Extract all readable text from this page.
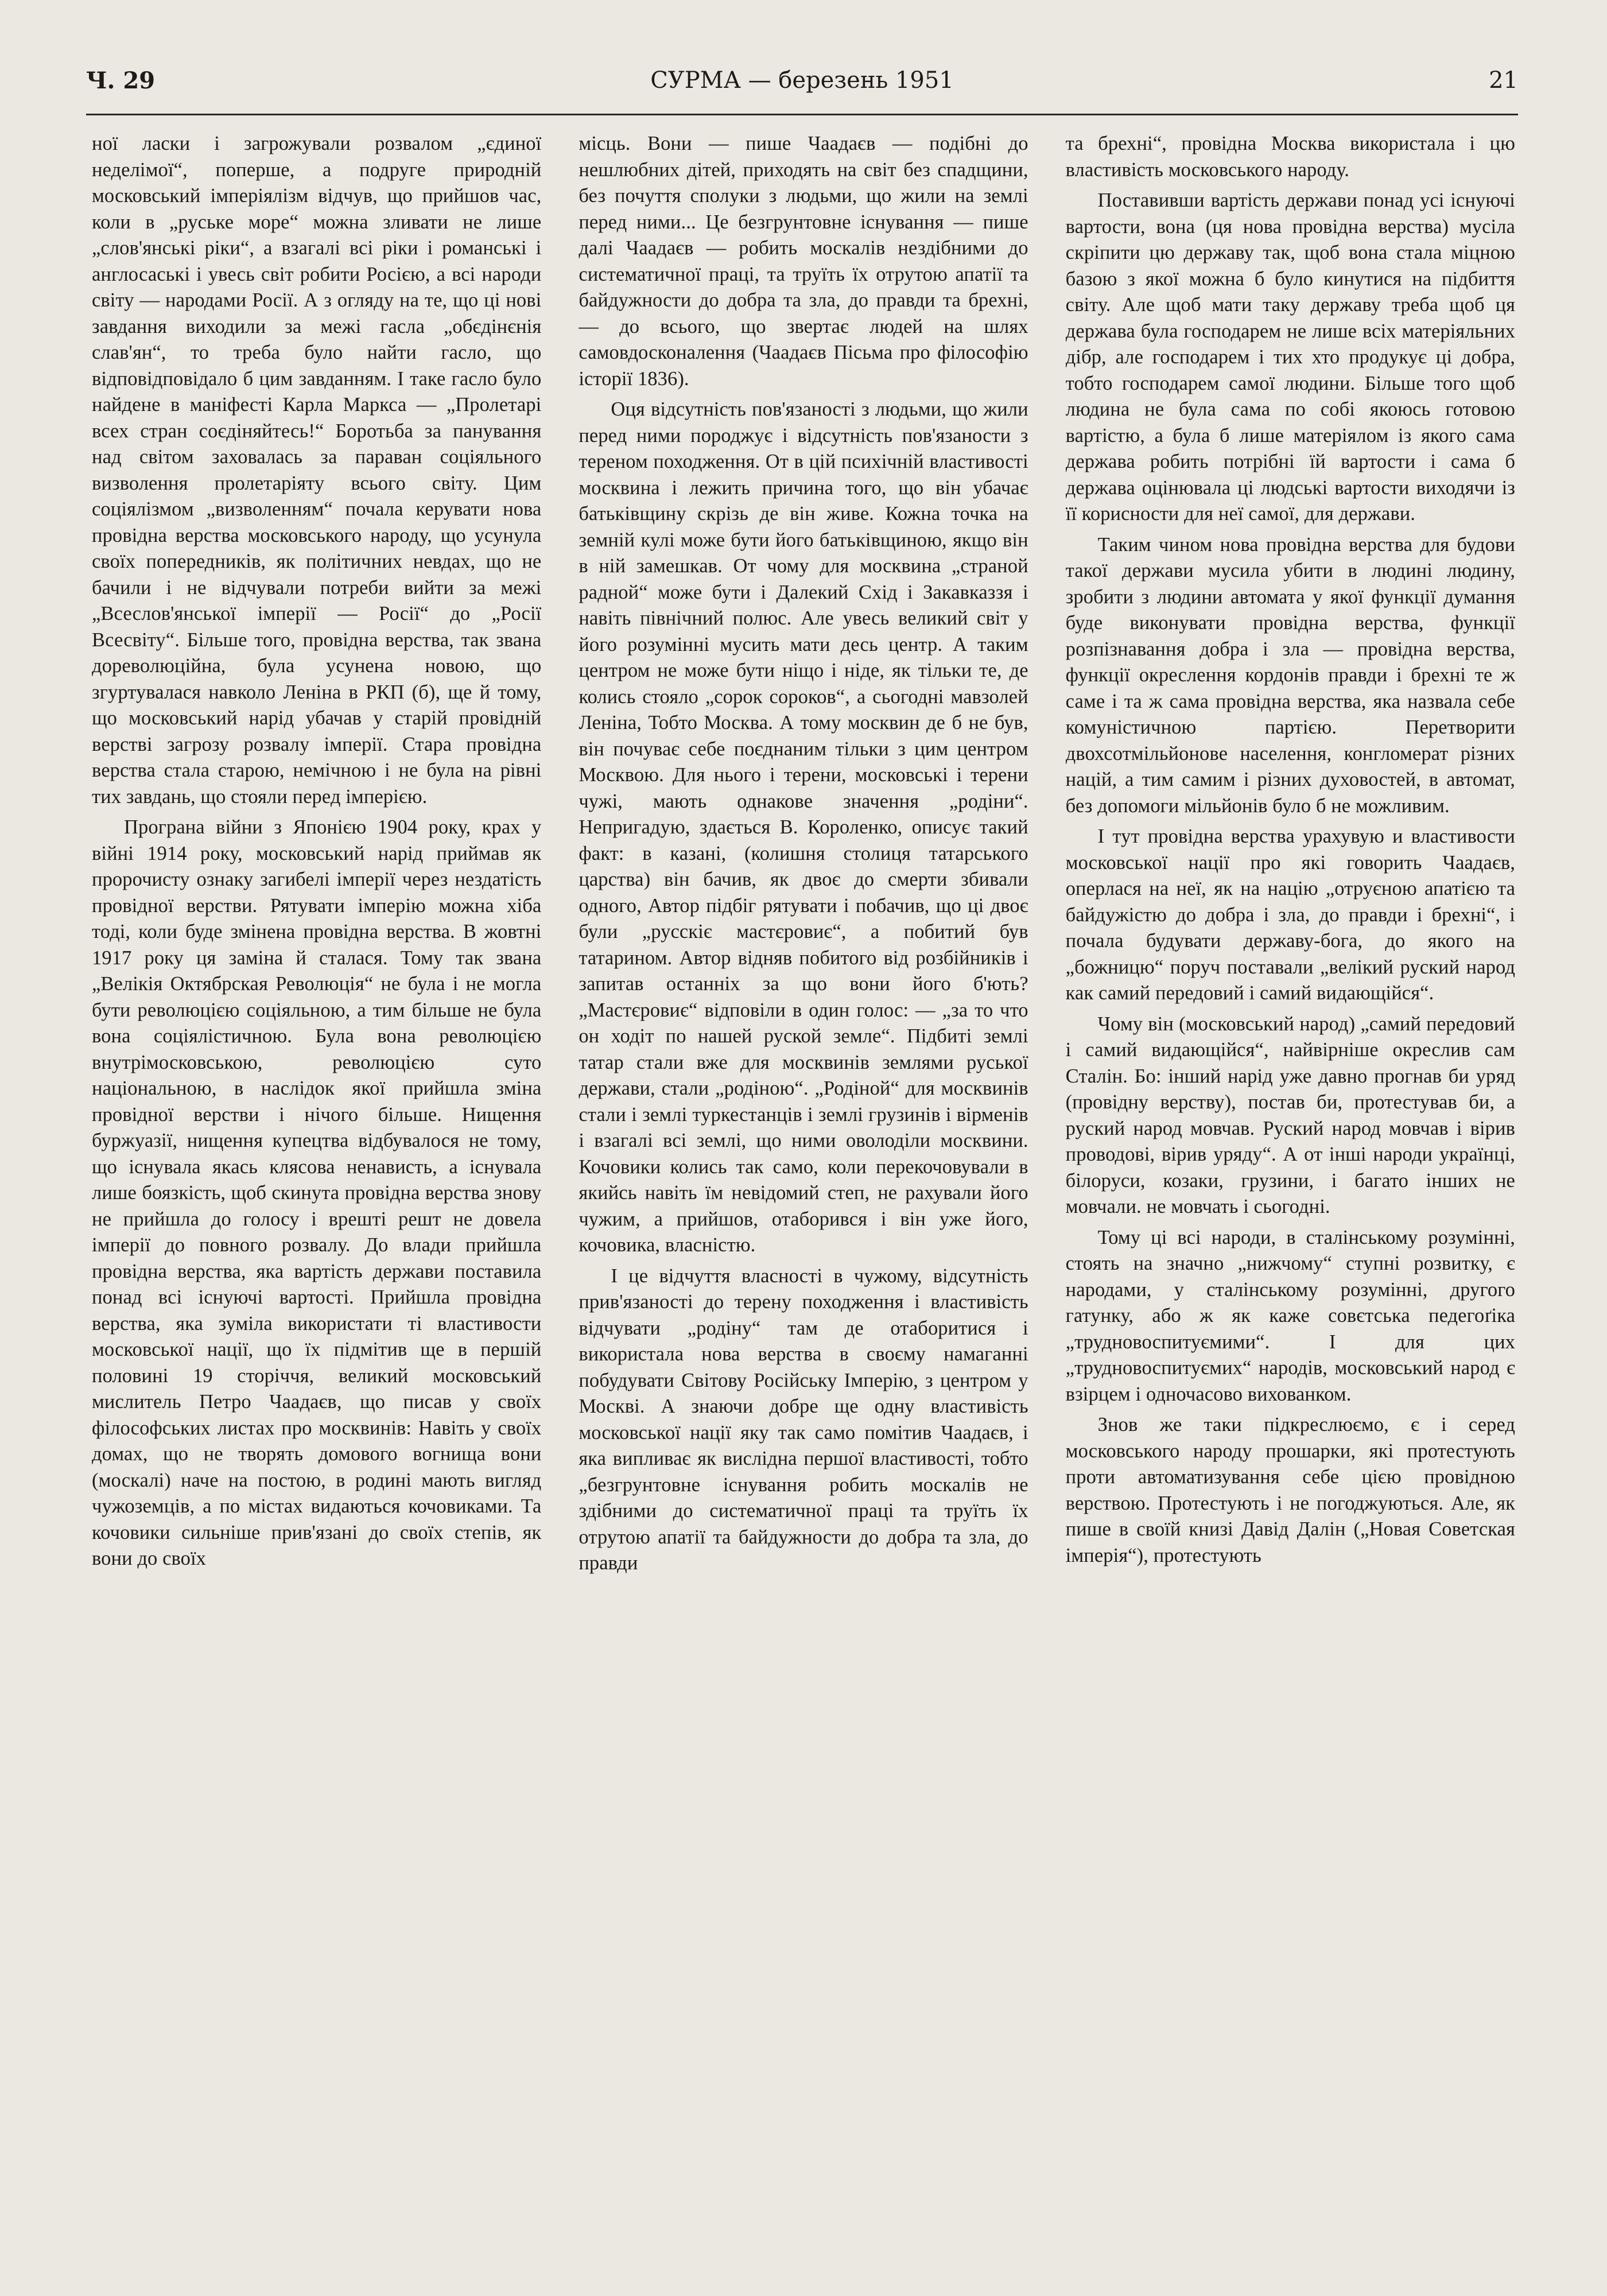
Ч. 29	СУРМА — березень 1951	21

ної ласки і загрожували розвалом „єдиної неделімої“, поперше, а подруге природній московський імперіялізм відчув, що прийшов час, коли в „руське море“ можна зливати не лише „слов'янські ріки“, а взагалі всі ріки і романські і англосаські і увесь світ робити Росією, а всі народи світу — народами Росії. А з огляду на те, що ці нові завдання виходили за межі гасла „обєдінєнія слав'ян“, то треба було найти гасло, що відповідповідало б цим завданням. І таке гасло було найдене в маніфесті Карла Маркса — „Пролетарі всех стран соєдіняйтесь!“ Боротьба за панування над світом заховалась за параван соціяльного визволення пролетаріяту всього світу. Цим соціялізмом „визволенням“ почала керувати нова провідна верства московського народу, що усунула своїх попередників, як політичних невдах, що не бачили і не відчували потреби вийти за межі „Всеслов'янської імперії — Росії“ до „Росії Всесвіту“. Більше того, провідна верства, так звана дореволюційна, була усунена новою, що згуртувалася навколо Леніна в РКП (б), ще й тому, що московський нарід убачав у старій провідній верстві загрозу розвалу імперії. Стара провідна верства стала старою, немічною і не була на рівні тих завдань, що стояли перед імперією.

Програна війни з Японією 1904 року, крах у війні 1914 року, московський нарід приймав як пророчисту ознаку загибелі імперії через нездатість провідної верстви. Рятувати імперію можна хіба тоді, коли буде змінена провідна верства. В жовтні 1917 року ця заміна й сталася. Тому так звана „Велікія Октябрская Революція“ не була і не могла бути революцією соціяльною, а тим більше не була вона соціялістичною. Була вона революцією внутрімосковською, революцією суто національною, в наслідок якої прийшла зміна провідної верстви і нічого більше. Нищення буржуазії, нищення купецтва відбувалося не тому, що існувала якась клясова ненависть, а існувала лише боязкість, щоб скинута провідна верства знову не прийшла до голосу і врешті решт не довела імперії до повного розвалу. До влади прийшла провідна верства, яка вартість держави поставила понад всі існуючі вартості. Прийшла провідна верства, яка зуміла використати ті властивости московської нації, що їх підмітив ще в першій половині 19 сторіччя, великий московський мислитель Петро Чаадаєв, що писав у своїх філософських листах про москвинів: Навіть у своїх домах, що не творять домового вогнища вони (москалі) наче на постою, в родині мають вигляд чужоземців, а по містах видаються кочовиками. Та кочовики сильніше прив'язані до своїх степів, як вони до своїх

місць. Вони — пише Чаадаєв — подібні до нешлюбних дітей, приходять на світ без спадщини, без почуття сполуки з людьми, що жили на землі перед ними... Це безгрунтовне існування — пише далі Чаадаєв — робить москалів нездібними до систематичної праці, та труїть їх отрутою апатії та байдужности до добра та зла, до правди та брехні, — до всього, що звертає людей на шлях самовдосконалення (Чаадаєв Пісьма про філософію історії 1836).

Оця відсутність пов'язаності з людьми, що жили перед ними породжує і відсутність пов'язаности з тереном походження. От в цій психічній властивості москвина і лежить причина того, що він убачає батьківщину скрізь де він живе. Кожна точка на земній кулі може бути його батьківщиною, якщо він в ній замешкав. От чому для москвина „страной радной“ може бути і Далекий Схід і Закавказзя і навіть північний полюс. Але увесь великий світ у його розумінні мусить мати десь центр. А таким центром не може бути ніщо і ніде, як тільки те, де колись стояло „сорок сороков“, а сьогодні мавзолей Леніна, Тобто Москва. А тому москвин де б не був, він почуває себе поєднаним тільки з цим центром Москвою. Для нього і терени, московські і терени чужі, мають однакове значення „родіни“. Непригадую, здається В. Короленко, описує такий факт: в казані, (колишня столиця татарського царства) він бачив, як двоє до смерти збивали одного, Автор підбіг рятувати і побачив, що ці двоє були „русскіє мастєровиє“, а побитий був татарином. Автор відняв побитого від розбійників і запитав останніх за що вони його б'ють? „Мастєровиє“ відповіли в один голос: — „за то что он ходіт по нашей руской земле“. Підбиті землі татар стали вже для москвинів землями руської держави, стали „родіною“. „Родіной“ для москвинів стали і землі туркестанців і землі грузинів і вірменів і взагалі всі землі, що ними оволоділи москвини. Кочовики колись так само, коли перекочовували в якийсь навіть їм невідомий степ, не рахували його чужим, а прийшов, отаборився і він уже його, кочовика, власністю.

І це відчуття власності в чужому, відсутність прив'язаності до терену походження і властивість відчувати „родіну“ там де отаборитися і використала нова верства в своєму намаганні побудувати Світову Російську Імперію, з центром у Москві. А знаючи добре ще одну властивість московської нації яку так само помітив Чаадаєв, і яка випливає як вислідна першої властивості, тобто „безгрунтовне існування робить москалів не здібними до систематичної праці та труїть їх отрутою апатії та байдужности до добра та зла, до правди

та брехні“, провідна Москва використала і цю властивість московського народу.

Поставивши вартість держави понад усі існуючі вартости, вона (ця нова провідна верства) мусіла скріпити цю державу так, щоб вона стала міцною базою з якої можна б було кинутися на підбиття світу. Але щоб мати таку державу треба щоб ця держава була господарем не лише всіх матеріяльних дібр, але господарем і тих хто продукує ці добра, тобто господарем самої людини. Більше того щоб людина не була сама по собі якоюсь готовою вартістю, а була б лише матеріялом із якого сама держава робить потрібні їй вартости і сама б держава оцінювала ці людські вартости виходячи із її корисности для неї самої, для держави.

Таким чином нова провідна верства для будови такої держави мусила убити в людині людину, зробити з людини автомата у якої функції думання буде виконувати провідна верства, функції розпізнавання добра і зла — провідна верства, функції окреслення кордонів правди і брехні те ж саме і та ж сама провідна верства, яка назвала себе комуністичною партією. Перетворити двохсотмільйонове населення, конгломерат різних націй, а тим самим і різних духовостей, в автомат, без допомоги мільйонів було б не можливим.

І тут провідна верства урахувую и властивости московської нації про які говорить Чаадаєв, оперлася на неї, як на націю „отруєною апатією та байдужістю до добра і зла, до правди і брехні“, і почала будувати державу-бога, до якого на „божницю“ поруч поставали „велікий руский народ как самий передовий і самий видающійся“.

Чому він (московський народ) „самий передовий і самий видающійся“, найвірніше окреслив сам Сталін. Бо: інший нарід уже давно прогнав би уряд (провідну верству), постав би, протестував би, а руский народ мовчав. Руский народ мовчав і вірив проводові, вірив уряду“. А от інші народи українці, білоруси, козаки, грузини, і багато інших не мовчали. не мовчать і сьогодні.

Тому ці всі народи, в сталінському розумінні, стоять на значно „нижчому“ ступні розвитку, є народами, у сталінському розумінні, другого гатунку, або ж як каже совєтська педегоґіка „трудновоспитуємими“. І для цих „трудновоспитуємих“ народів, московський народ є взірцем і одночасово вихованком.

Знов же таки підкреслюємо, є і серед московського народу прошарки, які протестують проти автоматизування себе цією провідною верствою. Протестують і не погоджуються. Але, як пише в своїй книзі Давід Далін („Новая Советская імперія“), протестують
